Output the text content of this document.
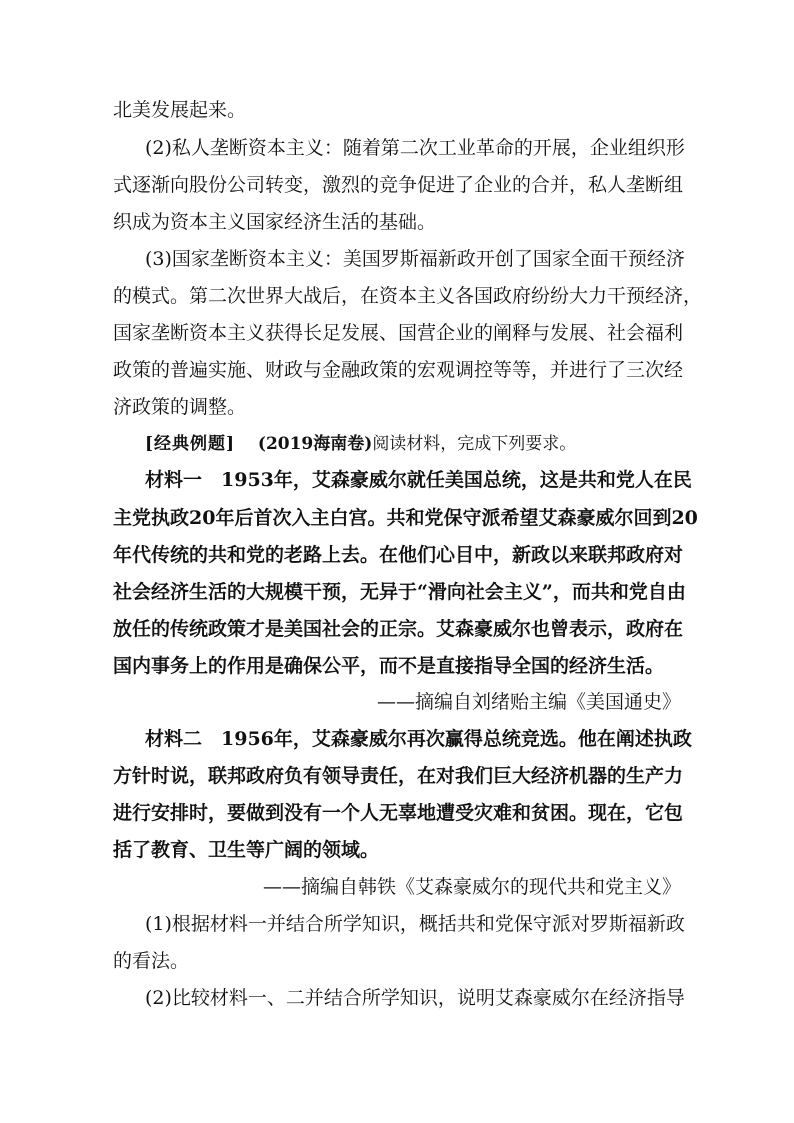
北美发展起来。
(2)私人垄断资本主义：随着第二次工业革命的开展，企业组织形
式逐渐向股份公司转变，激烈的竞争促进了企业的合并，私人垄断组
织成为资本主义国家经济生活的基础。
(3)国家垄断资本主义：美国罗斯福新政开创了国家全面干预经济
的模式。第二次世界大战后，在资本主义各国政府纷纷大力干预经济，
国家垄断资本主义获得长足发展、国营企业的阐释与发展、社会福利
政策的普遍实施、财政与金融政策的宏观调控等等，并进行了三次经
济政策的调整。
[经典例题] (2019海南卷)阅读材料，完成下列要求。
材料一　1953年，艾森豪威尔就任美国总统，这是共和党人在民
主党执政20年后首次入主白宫。共和党保守派希望艾森豪威尔回到20
年代传统的共和党的老路上去。在他们心目中，新政以来联邦政府对
社会经济生活的大规模干预，无异于“滑向社会主义”，而共和党自由
放任的传统政策才是美国社会的正宗。艾森豪威尔也曾表示，政府在
国内事务上的作用是确保公平，而不是直接指导全国的经济生活。
——摘编自刘绪贻主编《美国通史》
材料二　1956年，艾森豪威尔再次赢得总统竞选。他在阐述执政
方针时说，联邦政府负有领导责任，在对我们巨大经济机器的生产力
进行安排时，要做到没有一个人无辜地遭受灾难和贫困。现在，它包
括了教育、卫生等广阔的领域。
——摘编自韩铁《艾森豪威尔的现代共和党主义》
(1)根据材料一并结合所学知识，概括共和党保守派对罗斯福新政
的看法。
(2)比较材料一、二并结合所学知识，说明艾森豪威尔在经济指导
